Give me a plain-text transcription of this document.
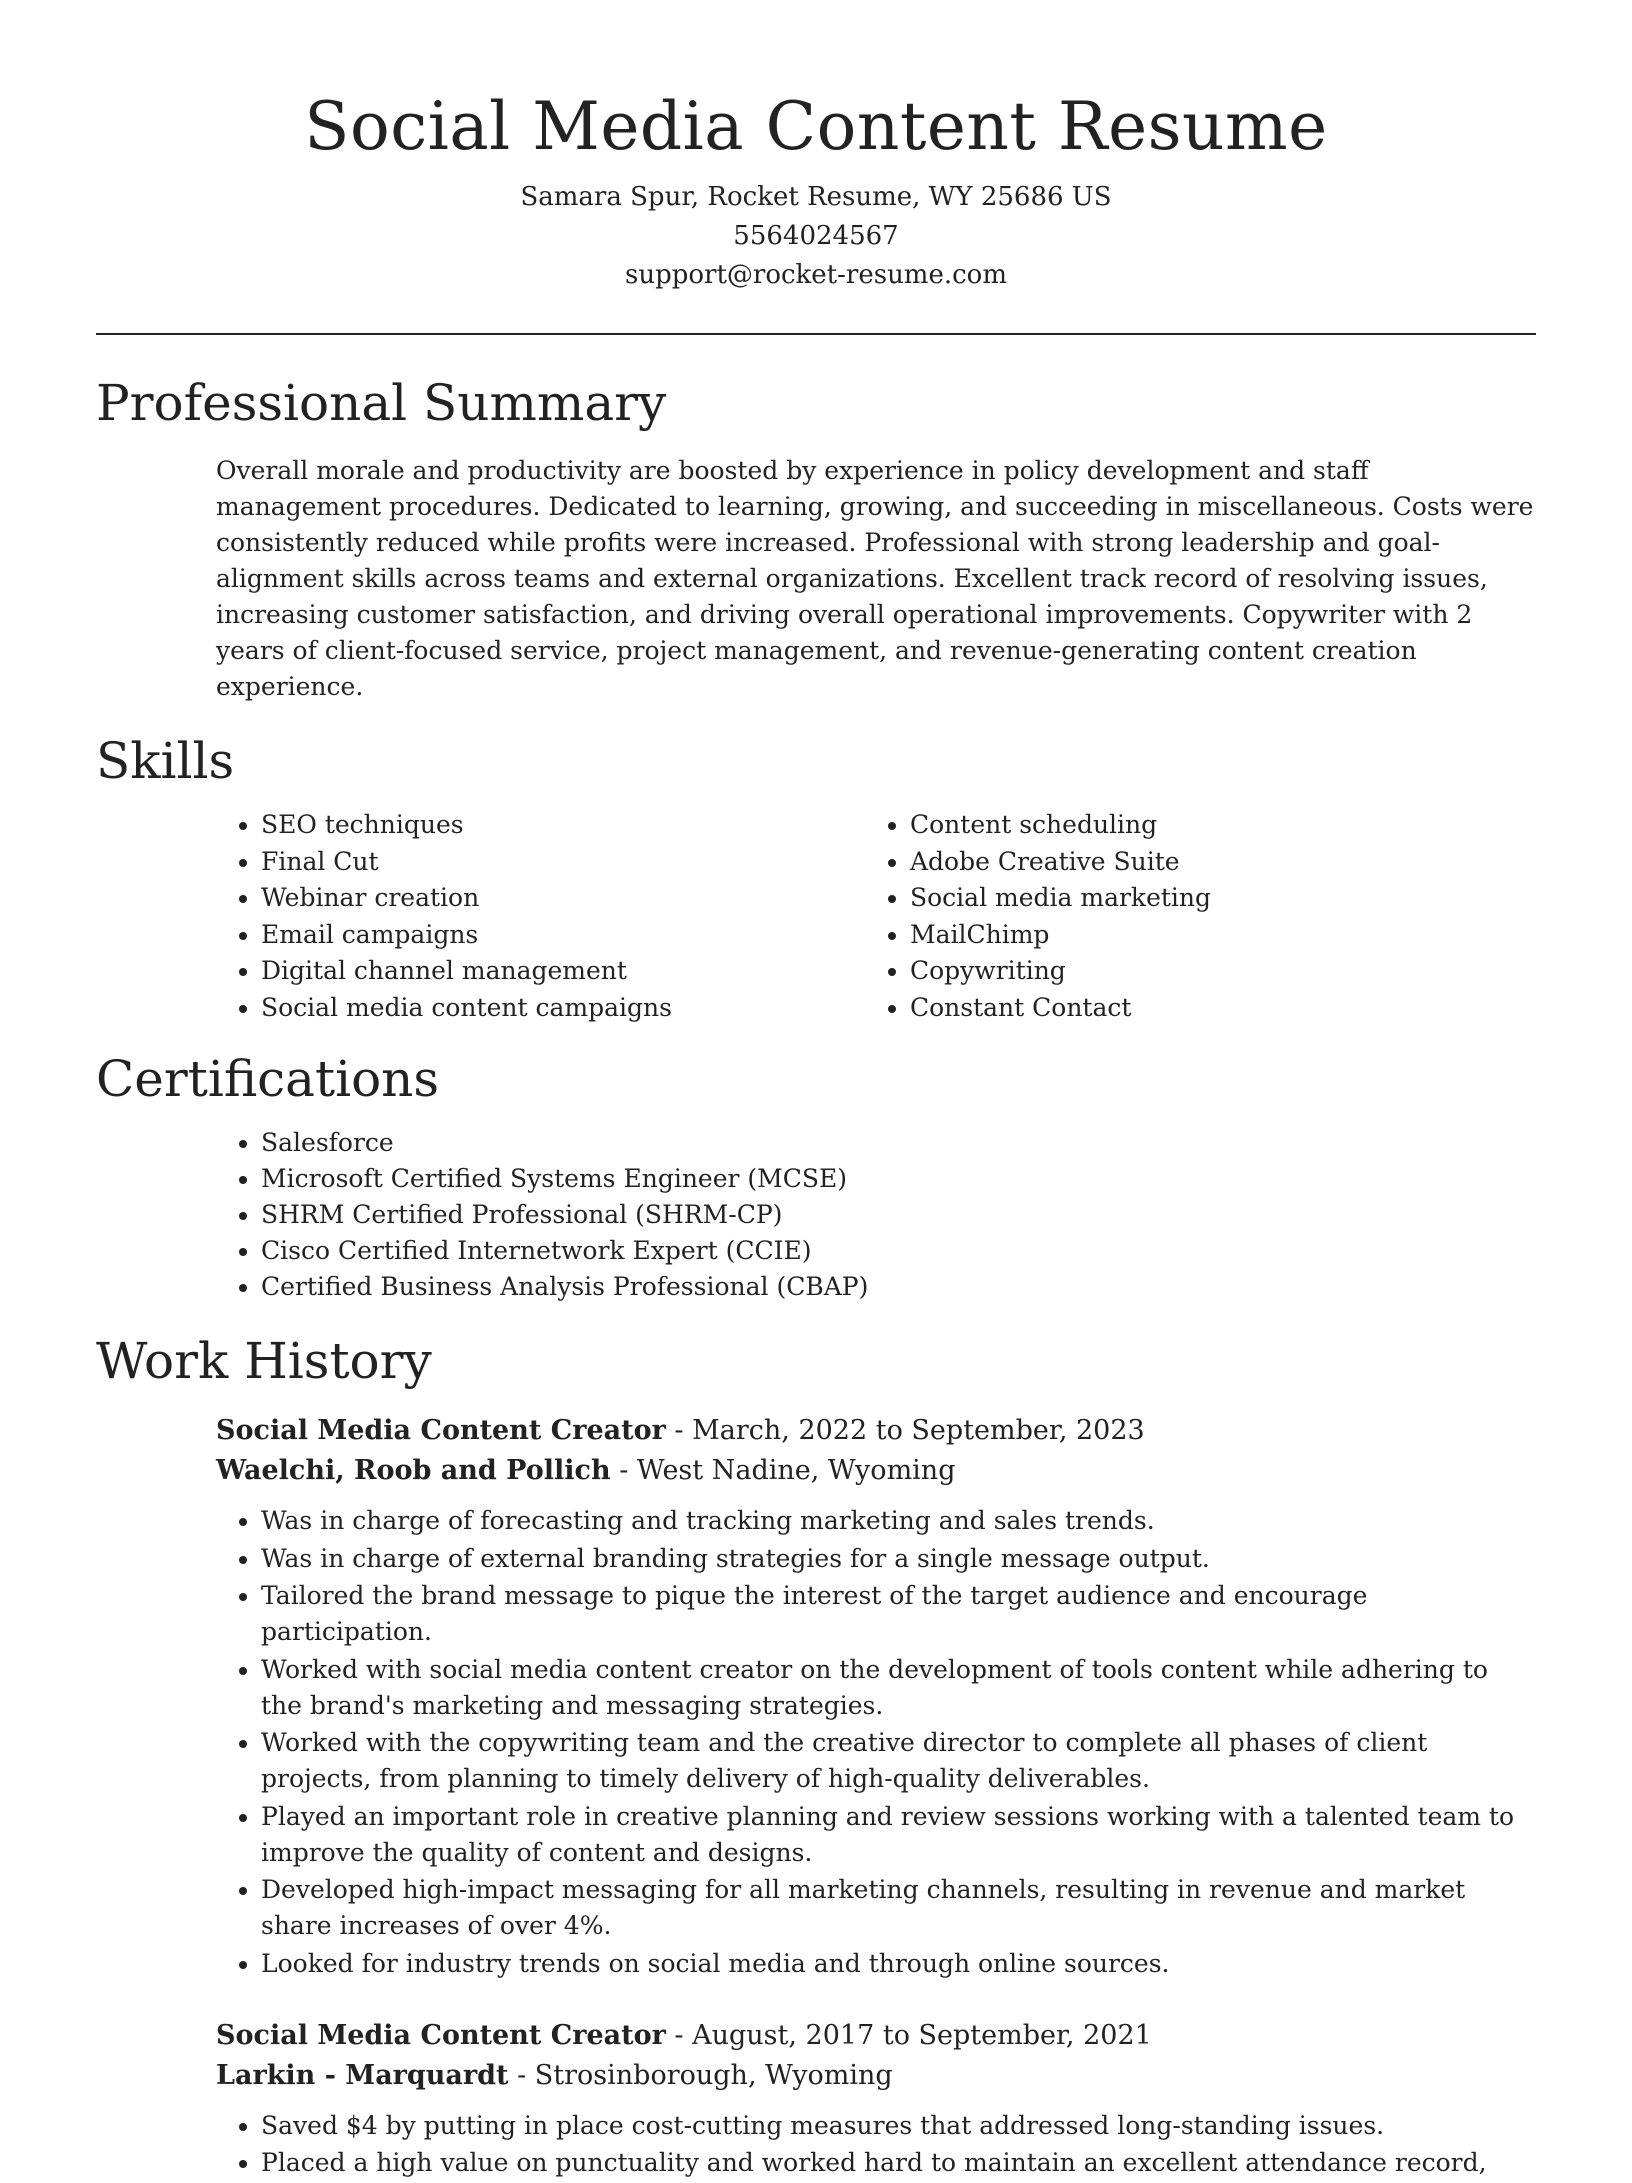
Social Media Content Resume
Samara Spur, Rocket Resume, WY 25686 US
5564024567
support@rocket-resume.com
Professional Summary

Overall morale and productivity are boosted by experience in policy development and staff management procedures. Dedicated to learning, growing, and succeeding in miscellaneous. Costs were consistently reduced while profits were increased. Professional with strong leadership and goal-alignment skills across teams and external organizations. Excellent track record of resolving issues, increasing customer satisfaction, and driving overall operational improvements. Copywriter with 2 years of client-focused service, project management, and revenue-generating content creation experience.

Skills
• SEO techniques
• Final Cut
• Webinar creation
• Email campaigns
• Digital channel management
• Social media content campaigns
• Content scheduling
• Adobe Creative Suite
• Social media marketing
• MailChimp
• Copywriting
• Constant Contact
Certifications
• Salesforce
• Microsoft Certified Systems Engineer (MCSE)
• SHRM Certified Professional (SHRM-CP)
• Cisco Certified Internetwork Expert (CCIE)
• Certified Business Analysis Professional (CBAP)
Work History
Social Media Content Creator - March, 2022 to September, 2023
Waelchi, Roob and Pollich - West Nadine, Wyoming
• Was in charge of forecasting and tracking marketing and sales trends.
• Was in charge of external branding strategies for a single message output.
• Tailored the brand message to pique the interest of the target audience and encourage participation.
• Worked with social media content creator on the development of tools content while adhering to the brand's marketing and messaging strategies.
• Worked with the copywriting team and the creative director to complete all phases of client projects, from planning to timely delivery of high-quality deliverables.
• Played an important role in creative planning and review sessions working with a talented team to improve the quality of content and designs.
• Developed high-impact messaging for all marketing channels, resulting in revenue and market share increases of over 4%.
• Looked for industry trends on social media and through online sources.
Social Media Content Creator - August, 2017 to September, 2021
Larkin - Marquardt - Strosinborough, Wyoming
• Saved $4 by putting in place cost-cutting measures that addressed long-standing issues.
• Placed a high value on punctuality and worked hard to maintain an excellent attendance record,
